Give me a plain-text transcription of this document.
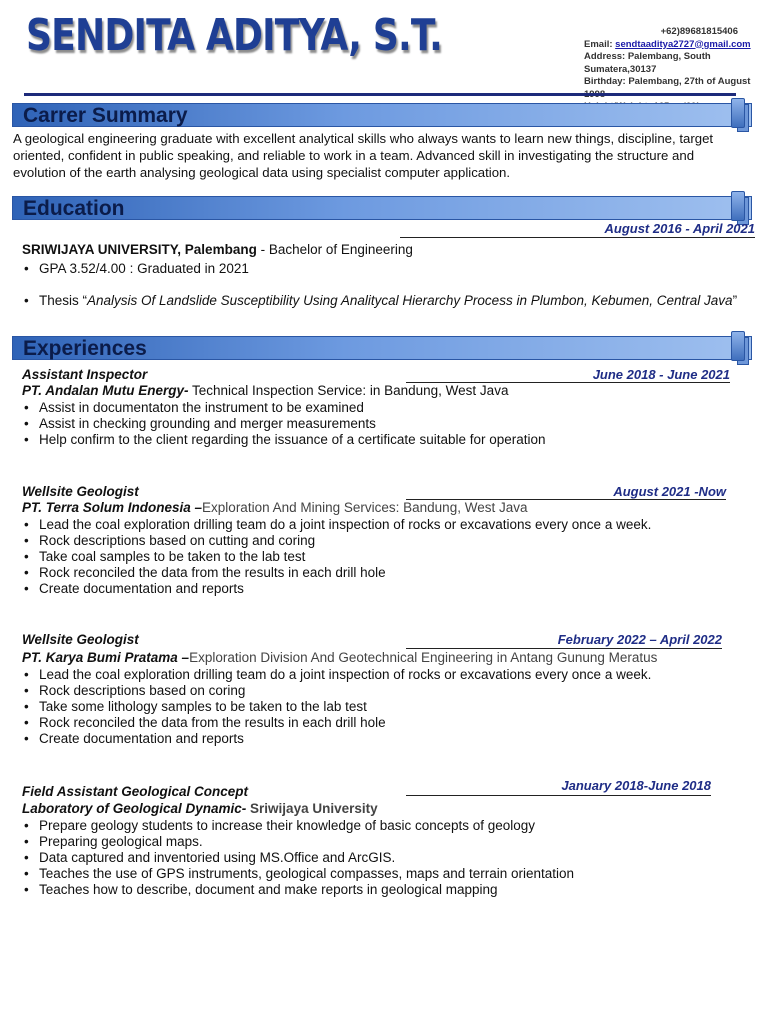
SENDITA ADITYA, S.T.	+62)89681815406
Email: sendtaaditya2727@gmail.com
Address: Palembang, South Sumatera,30137
Birthday: Palembang, 27th of August
Carrer Summary
A geological engineering graduate with excellent analytical skills who always wants to learn new things, discipline, target oriented, confident in public speaking, and reliable to work in a team. Advanced skill in investigating the structure and evolution of the earth analysing geological data using specialist computer application.
Education
August 2016 - April 2021
SRIWIJAYA UNIVERSITY, Palembang - Bachelor of Engineering
• GPA 3.52/4.00 : Graduated in 2021
• Thesis “Analysis Of Landslide Susceptibility Using Analitycal Hierarchy Process in Plumbon, Kebumen, Central Java”
Experiences
Assistant Inspector	June 2018 - June 2021
PT. Andalan Mutu Energy- Technical Inspection Service: in Bandung, West Java
• Assist in documentaton the instrument to be examined
• Assist in checking grounding and merger measurements
• Help confirm to the client regarding the issuance of a certificate suitable for operation
Wellsite Geologist	August 2021 -Now
PT. Terra Solum Indonesia –Exploration And Mining Services: Bandung, West Java
• Lead the coal exploration drilling team do a joint inspection of rocks or excavations every once a week.
• Rock descriptions based on cutting and coring
• Take coal samples to be taken to the lab test
• Rock reconciled the data from the results in each drill hole
• Create documentation and reports
Wellsite Geologist	February 2022 – April 2022
PT. Karya Bumi Pratama –Exploration Division And Geotechnical Engineering in Antang Gunung Meratus
• Lead the coal exploration drilling team do a joint inspection of rocks or excavations every once a week.
• Rock descriptions based on coring
• Take some lithology samples to be taken to the lab test
• Rock reconciled the data from the results in each drill hole
• Create documentation and reports
Field Assistant Geological Concept	January 2018-June 2018
Laboratory of Geological Dynamic- Sriwijaya University
• Prepare geology students to increase their knowledge of basic concepts of geology
• Preparing geological maps.
• Data captured and inventoried using MS.Office and ArcGIS.
• Teaches the use of GPS instruments, geological compasses, maps and terrain orientation
• Teaches how to describe, document and make reports in geological mapping
